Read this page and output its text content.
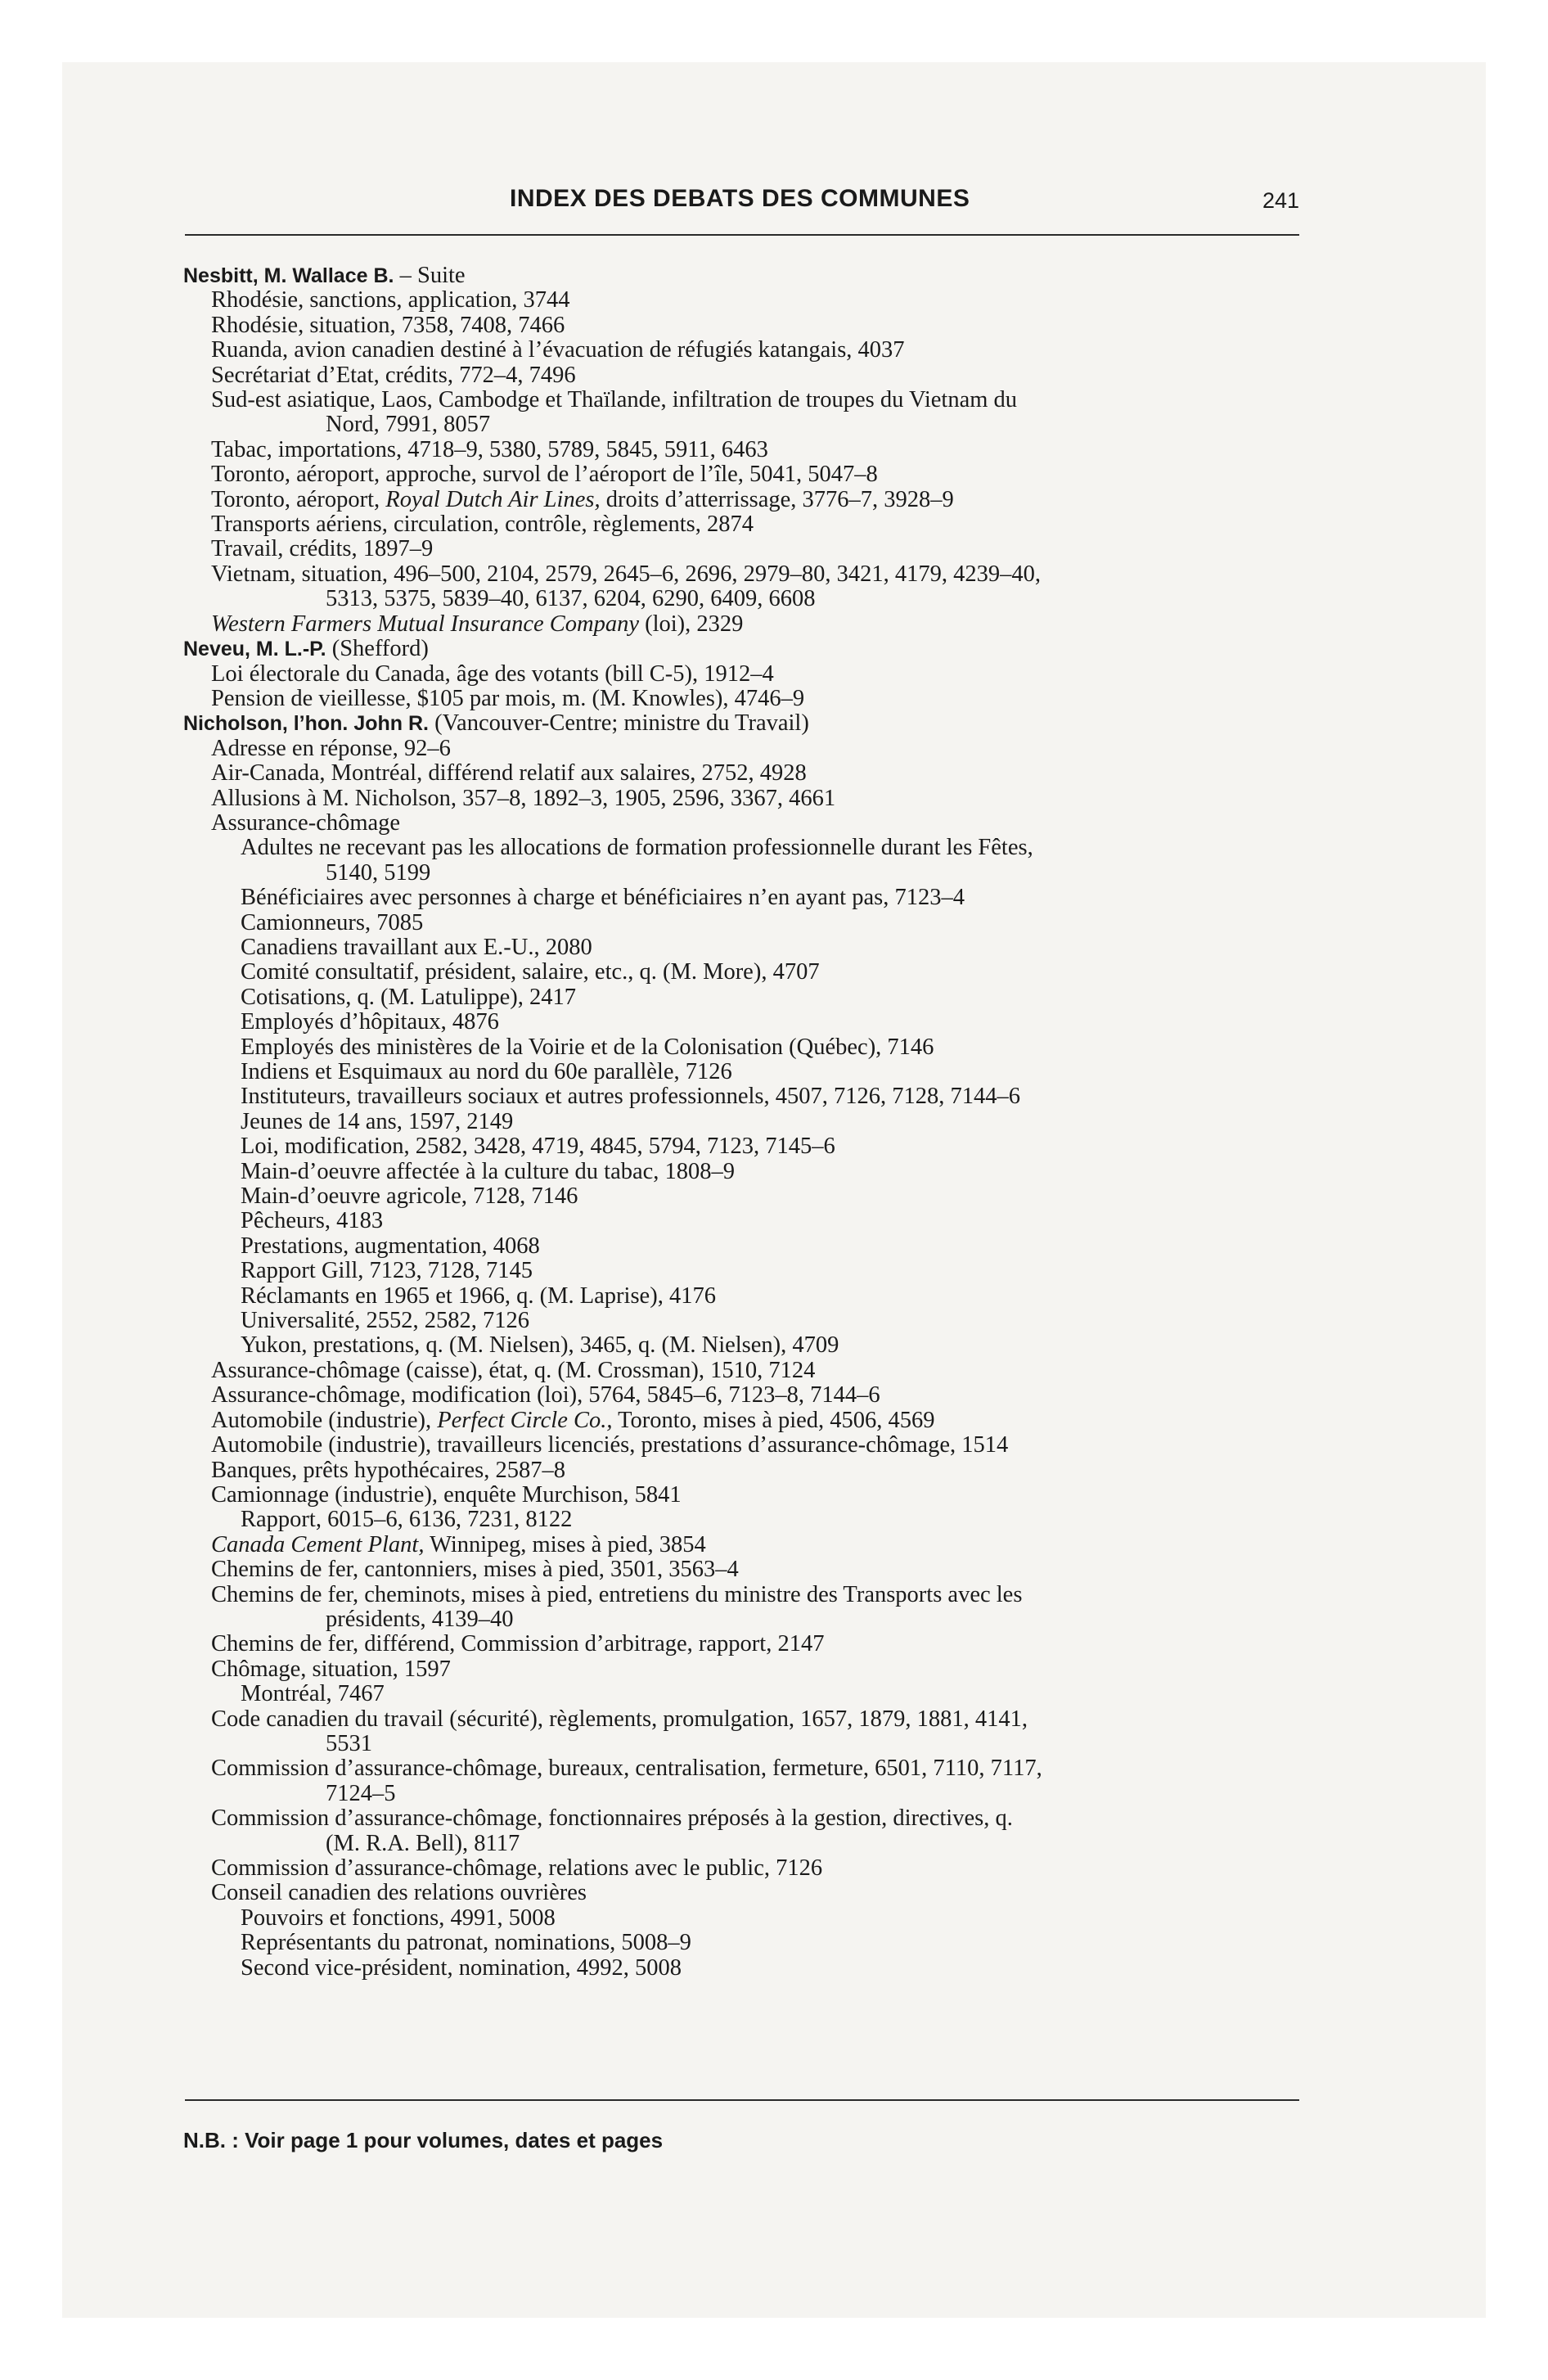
INDEX DES DEBATS DES COMMUNES	241
Nesbitt, M. Wallace B. – Suite
Rhodésie, sanctions, application, 3744
Rhodésie, situation, 7358, 7408, 7466
Ruanda, avion canadien destiné à l’évacuation de réfugiés katangais, 4037
Secrétariat d’Etat, crédits, 772–4, 7496
Sud-est asiatique, Laos, Cambodge et Thaïlande, infiltration de troupes du Vietnam du
Nord, 7991, 8057
Tabac, importations, 4718–9, 5380, 5789, 5845, 5911, 6463
Toronto, aéroport, approche, survol de l’aéroport de l’île, 5041, 5047–8
Toronto, aéroport, Royal Dutch Air Lines, droits d’atterrissage, 3776–7, 3928–9
Transports aériens, circulation, contrôle, règlements, 2874
Travail, crédits, 1897–9
Vietnam, situation, 496–500, 2104, 2579, 2645–6, 2696, 2979–80, 3421, 4179, 4239–40,
5313, 5375, 5839–40, 6137, 6204, 6290, 6409, 6608
Western Farmers Mutual Insurance Company (loi), 2329
Neveu, M. L.-P. (Shefford)
Loi électorale du Canada, âge des votants (bill C-5), 1912–4
Pension de vieillesse, $105 par mois, m. (M. Knowles), 4746–9
Nicholson, l’hon. John R. (Vancouver-Centre; ministre du Travail)
Adresse en réponse, 92–6
Air-Canada, Montréal, différend relatif aux salaires, 2752, 4928
Allusions à M. Nicholson, 357–8, 1892–3, 1905, 2596, 3367, 4661
Assurance-chômage
Adultes ne recevant pas les allocations de formation professionnelle durant les Fêtes,
5140, 5199
Bénéficiaires avec personnes à charge et bénéficiaires n’en ayant pas, 7123–4
Camionneurs, 7085
Canadiens travaillant aux E.-U., 2080
Comité consultatif, président, salaire, etc., q. (M. More), 4707
Cotisations, q. (M. Latulippe), 2417
Employés d’hôpitaux, 4876
Employés des ministères de la Voirie et de la Colonisation (Québec), 7146
Indiens et Esquimaux au nord du 60e parallèle, 7126
Instituteurs, travailleurs sociaux et autres professionnels, 4507, 7126, 7128, 7144–6
Jeunes de 14 ans, 1597, 2149
Loi, modification, 2582, 3428, 4719, 4845, 5794, 7123, 7145–6
Main-d’oeuvre affectée à la culture du tabac, 1808–9
Main-d’oeuvre agricole, 7128, 7146
Pêcheurs, 4183
Prestations, augmentation, 4068
Rapport Gill, 7123, 7128, 7145
Réclamants en 1965 et 1966, q. (M. Laprise), 4176
Universalité, 2552, 2582, 7126
Yukon, prestations, q. (M. Nielsen), 3465, q. (M. Nielsen), 4709
Assurance-chômage (caisse), état, q. (M. Crossman), 1510, 7124
Assurance-chômage, modification (loi), 5764, 5845–6, 7123–8, 7144–6
Automobile (industrie), Perfect Circle Co., Toronto, mises à pied, 4506, 4569
Automobile (industrie), travailleurs licenciés, prestations d’assurance-chômage, 1514
Banques, prêts hypothécaires, 2587–8
Camionnage (industrie), enquête Murchison, 5841
Rapport, 6015–6, 6136, 7231, 8122
Canada Cement Plant, Winnipeg, mises à pied, 3854
Chemins de fer, cantonniers, mises à pied, 3501, 3563–4
Chemins de fer, cheminots, mises à pied, entretiens du ministre des Transports avec les
présidents, 4139–40
Chemins de fer, différend, Commission d’arbitrage, rapport, 2147
Chômage, situation, 1597
Montréal, 7467
Code canadien du travail (sécurité), règlements, promulgation, 1657, 1879, 1881, 4141,
5531
Commission d’assurance-chômage, bureaux, centralisation, fermeture, 6501, 7110, 7117,
7124–5
Commission d’assurance-chômage, fonctionnaires préposés à la gestion, directives, q.
(M. R.A. Bell), 8117
Commission d’assurance-chômage, relations avec le public, 7126
Conseil canadien des relations ouvrières
Pouvoirs et fonctions, 4991, 5008
Représentants du patronat, nominations, 5008–9
Second vice-président, nomination, 4992, 5008
N.B. : Voir page 1 pour volumes, dates et pages
